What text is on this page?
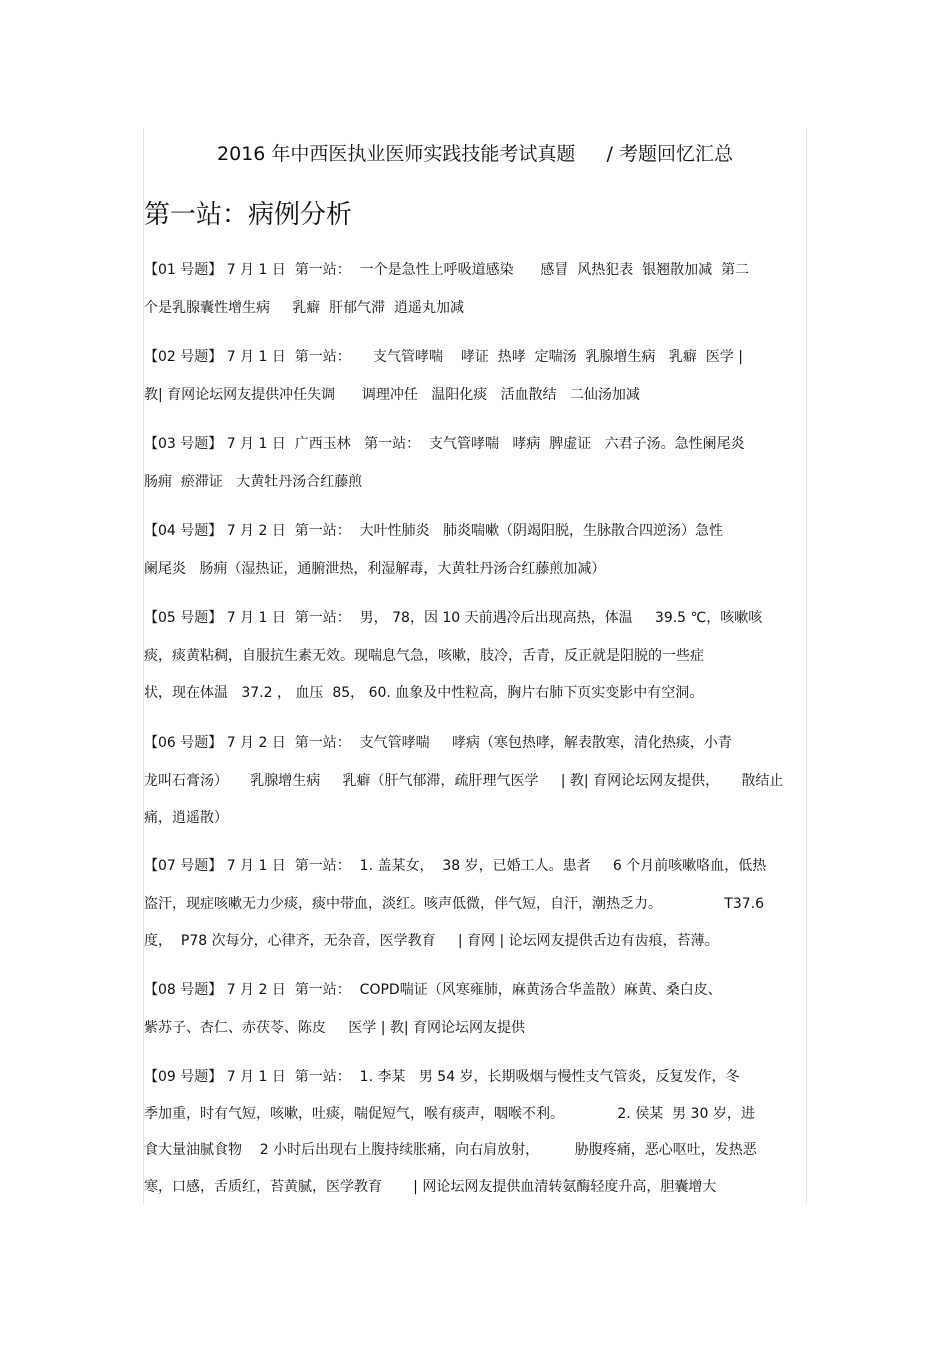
2016 年中西医执业医师实践技能考试真题　  / 考题回忆汇总
第一站：病例分析
【01 号题】 7 月 1 日  第一站：  一个是急性上呼吸道感染      感冒  风热犯表  银翘散加减  第二
个是乳腺囊性增生病     乳癖  肝郁气滞  逍遥丸加减
【02 号题】 7 月 1 日  第一站：     支气管哮喘    哮证  热哮  定喘汤  乳腺增生病   乳癖  医学 |
教| 育网论坛网友提供冲任失调      调理冲任   温阳化痰   活血散结   二仙汤加减
【03 号题】 7 月 1 日  广西玉林   第一站：  支气管哮喘   哮病  脾虚证   六君子汤。急性阑尾炎
肠痈  瘀滞证   大黄牡丹汤合红藤煎
【04 号题】 7 月 2 日  第一站：  大叶性肺炎   肺炎喘嗽（阴竭阳脱，生脉散合四逆汤）急性
阑尾炎   肠痈（湿热证，通腑泄热，利湿解毒，大黄牡丹汤合红藤煎加减）
【05 号题】 7 月 1 日  第一站：  男， 78，因 10 天前遇冷后出现高热，体温     39.5 ℃，咳嗽咳
痰，痰黄粘稠，自服抗生素无效。现喘息气急，咳嗽，肢冷，舌青，反正就是阳脱的一些症
状，现在体温   37.2 ， 血压  85， 60. 血象及中性粒高，胸片右肺下页实变影中有空洞。
【06 号题】 7 月 2 日  第一站：  支气管哮喘     哮病（寒包热哮，解表散寒，清化热痰，小青
龙叫石膏汤）     乳腺增生病     乳癖（肝气郁滞，疏肝理气医学     | 教| 育网论坛网友提供，     散结止
痛，逍遥散）
【07 号题】 7 月 1 日  第一站：  1. 盖某女，  38 岁，已婚工人。患者     6 个月前咳嗽咯血，低热
盗汗，现症咳嗽无力少痰，痰中带血，淡红。咳声低微，伴气短，自汗，潮热乏力。              T37.6
度，  P78 次每分，心律齐，无杂音，医学教育     | 育网 | 论坛网友提供舌边有齿痕，苔薄。
【08 号题】 7 月 2 日  第一站：  COPD喘证（风寒雍肺，麻黄汤合华盖散）麻黄、桑白皮、
紫苏子、杏仁、赤茯苓、陈皮     医学 | 教| 育网论坛网友提供
【09 号题】 7 月 1 日  第一站：  1. 李某   男 54 岁，长期吸烟与慢性支气管炎，反复发作，冬
季加重，时有气短，咳嗽，吐痰，喘促短气，喉有痰声，咽喉不利。            2. 侯某  男 30 岁，进
食大量油腻食物    2 小时后出现右上腹持续胀痛，向右肩放射，        胁腹疼痛，恶心呕吐，发热恶
寒，口感，舌质红，苔黄腻，医学教育       | 网论坛网友提供血清转氨酶轻度升高，胆囊增大
